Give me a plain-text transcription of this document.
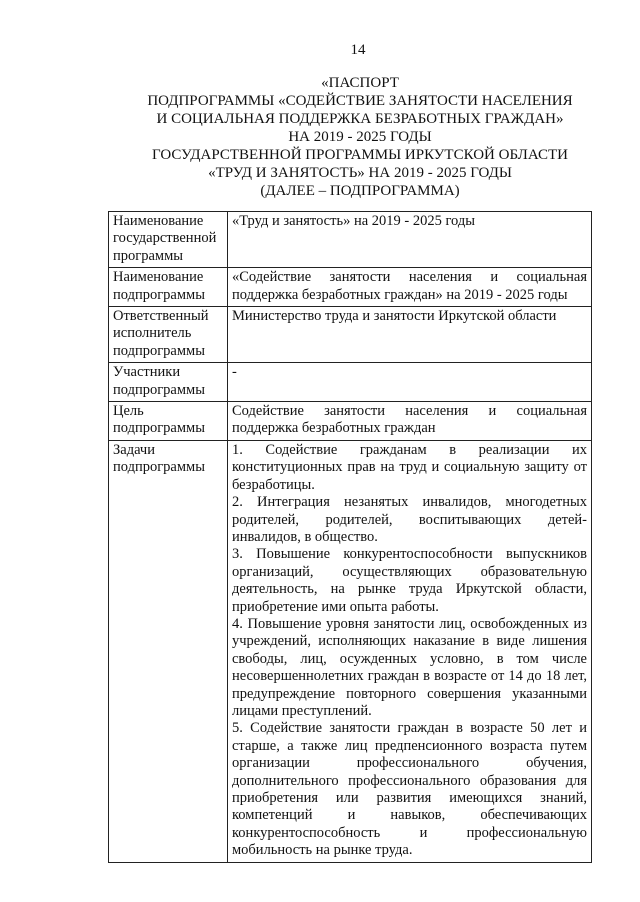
14
«ПАСПОРТ
ПОДПРОГРАММЫ «СОДЕЙСТВИЕ ЗАНЯТОСТИ НАСЕЛЕНИЯ
И СОЦИАЛЬНАЯ ПОДДЕРЖКА БЕЗРАБОТНЫХ ГРАЖДАН»
НА 2019 - 2025 ГОДЫ
ГОСУДАРСТВЕННОЙ ПРОГРАММЫ ИРКУТСКОЙ ОБЛАСТИ
«ТРУД И ЗАНЯТОСТЬ» НА 2019 - 2025 ГОДЫ
(ДАЛЕЕ – ПОДПРОГРАММА)
Наименование государственной программы	«Труд и занятость» на 2019 - 2025 годы
Наименование подпрограммы	«Содействие занятости населения и социальная поддержка безработных граждан» на 2019 - 2025 годы
Ответственный исполнитель подпрограммы	Министерство труда и занятости Иркутской области
Участники подпрограммы	-
Цель подпрограммы	Содействие занятости населения и социальная поддержка безработных граждан
Задачи подпрограммы	1. Содействие гражданам в реализации их конституционных прав на труд и социальную защиту от безработицы.
2. Интеграция незанятых инвалидов, многодетных родителей, родителей, воспитывающих детей-инвалидов, в общество.
3. Повышение конкурентоспособности выпускников организаций, осуществляющих образовательную деятельность, на рынке труда Иркутской области, приобретение ими опыта работы.
4. Повышение уровня занятости лиц, освобожденных из учреждений, исполняющих наказание в виде лишения свободы, лиц, осужденных условно, в том числе несовершеннолетних граждан в возрасте от 14 до 18 лет, предупреждение повторного совершения указанными лицами преступлений.
5. Содействие занятости граждан в возрасте 50 лет и старше, а также лиц предпенсионного возраста путем организации профессионального обучения, дополнительного профессионального образования для приобретения или развития имеющихся знаний, компетенций и навыков, обеспечивающих конкурентоспособность и профессиональную мобильность на рынке труда.
